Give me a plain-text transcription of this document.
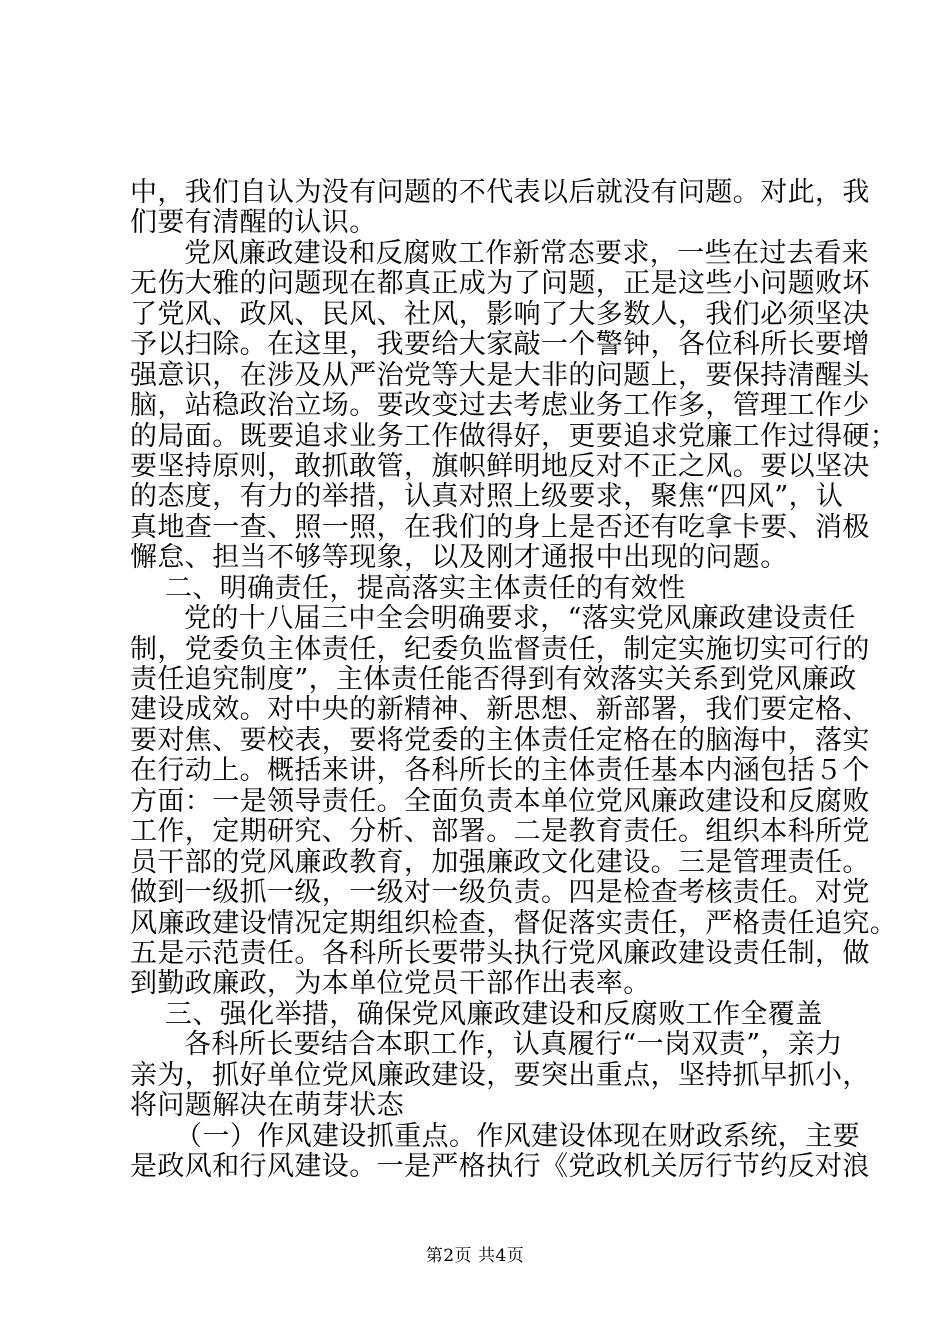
中，我们自认为没有问题的不代表以后就没有问题。对此，我
们要有清醒的认识。
党风廉政建设和反腐败工作新常态要求，一些在过去看来
无伤大雅的问题现在都真正成为了问题，正是这些小问题败坏
了党风、政风、民风、社风，影响了大多数人，我们必须坚决
予以扫除。在这里，我要给大家敲一个警钟，各位科所长要增
强意识，在涉及从严治党等大是大非的问题上，要保持清醒头
脑，站稳政治立场。要改变过去考虑业务工作多，管理工作少
的局面。既要追求业务工作做得好，更要追求党廉工作过得硬；
要坚持原则，敢抓敢管，旗帜鲜明地反对不正之风。要以坚决
的态度，有力的举措，认真对照上级要求，聚焦“四风”，认
真地查一查、照一照，在我们的身上是否还有吃拿卡要、消极
懈怠、担当不够等现象，以及刚才通报中出现的问题。
二、明确责任，提高落实主体责任的有效性
党的十八届三中全会明确要求，“落实党风廉政建设责任
制，党委负主体责任，纪委负监督责任，制定实施切实可行的
责任追究制度”，主体责任能否得到有效落实关系到党风廉政
建设成效。对中央的新精神、新思想、新部署，我们要定格、
要对焦、要校表，要将党委的主体责任定格在的脑海中，落实
在行动上。概括来讲，各科所长的主体责任基本内涵包括５个
方面：一是领导责任。全面负责本单位党风廉政建设和反腐败
工作，定期研究、分析、部署。二是教育责任。组织本科所党
员干部的党风廉政教育，加强廉政文化建设。三是管理责任。
做到一级抓一级，一级对一级负责。四是检查考核责任。对党
风廉政建设情况定期组织检查，督促落实责任，严格责任追究。
五是示范责任。各科所长要带头执行党风廉政建设责任制，做
到勤政廉政，为本单位党员干部作出表率。
三、强化举措，确保党风廉政建设和反腐败工作全覆盖
各科所长要结合本职工作，认真履行“一岗双责”，亲力
亲为，抓好单位党风廉政建设，要突出重点，坚持抓早抓小，
将问题解决在萌芽状态
（一）作风建设抓重点。作风建设体现在财政系统，主要
是政风和行风建设。一是严格执行《党政机关厉行节约反对浪
第2页 共4页
